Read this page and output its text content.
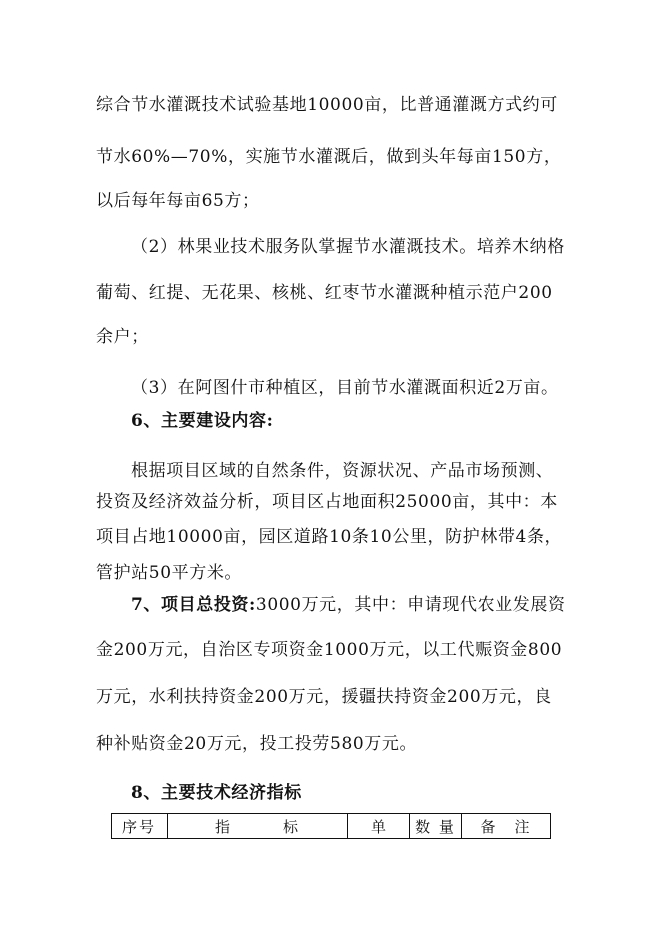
综合节水灌溉技术试验基地10000亩，比普通灌溉方式约可
节水60%—70%，实施节水灌溉后，做到头年每亩150方，
以后每年每亩65方；
（2）林果业技术服务队掌握节水灌溉技术。培养木纳格
葡萄、红提、无花果、核桃、红枣节水灌溉种植示范户200
余户；
（3）在阿图什市种植区，目前节水灌溉面积近2万亩。
6、主要建设内容:
根据项目区域的自然条件，资源状况、产品市场预测、
投资及经济效益分析，项目区占地面积25000亩，其中：本
项目占地10000亩，园区道路10条10公里，防护林带4条，
管护站50平方米。
7、项目总投资:3000万元，其中：申请现代农业发展资
金200万元，自治区专项资金1000万元，以工代赈资金800
万元，水利扶持资金200万元，援疆扶持资金200万元，良
种补贴资金20万元，投工投劳580万元。
8、主要技术经济指标
序号	指　　　标	单	数 量	备　注
